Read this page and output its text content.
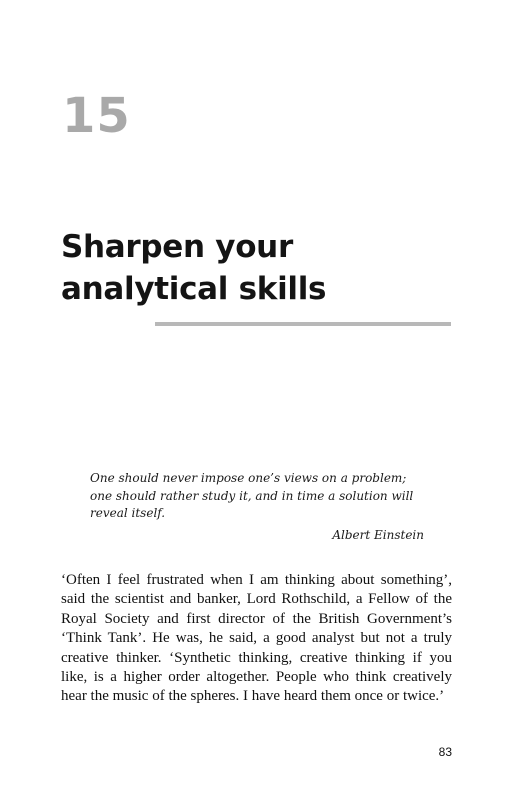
15
Sharpen your analytical skills

One should never impose one’s views on a problem; one should rather study it, and in time a solution will reveal itself.

Albert Einstein

‘Often I feel frustrated when I am thinking about something’, said the scientist and banker, Lord Rothschild, a Fellow of the Royal Society and first director of the British Government’s ‘Think Tank’. He was, he said, a good analyst but not a truly creative thinker. ‘Synthetic thinking, creative thinking if you like, is a higher order altogether. People who think creatively hear the music of the spheres. I have heard them once or twice.’

83
